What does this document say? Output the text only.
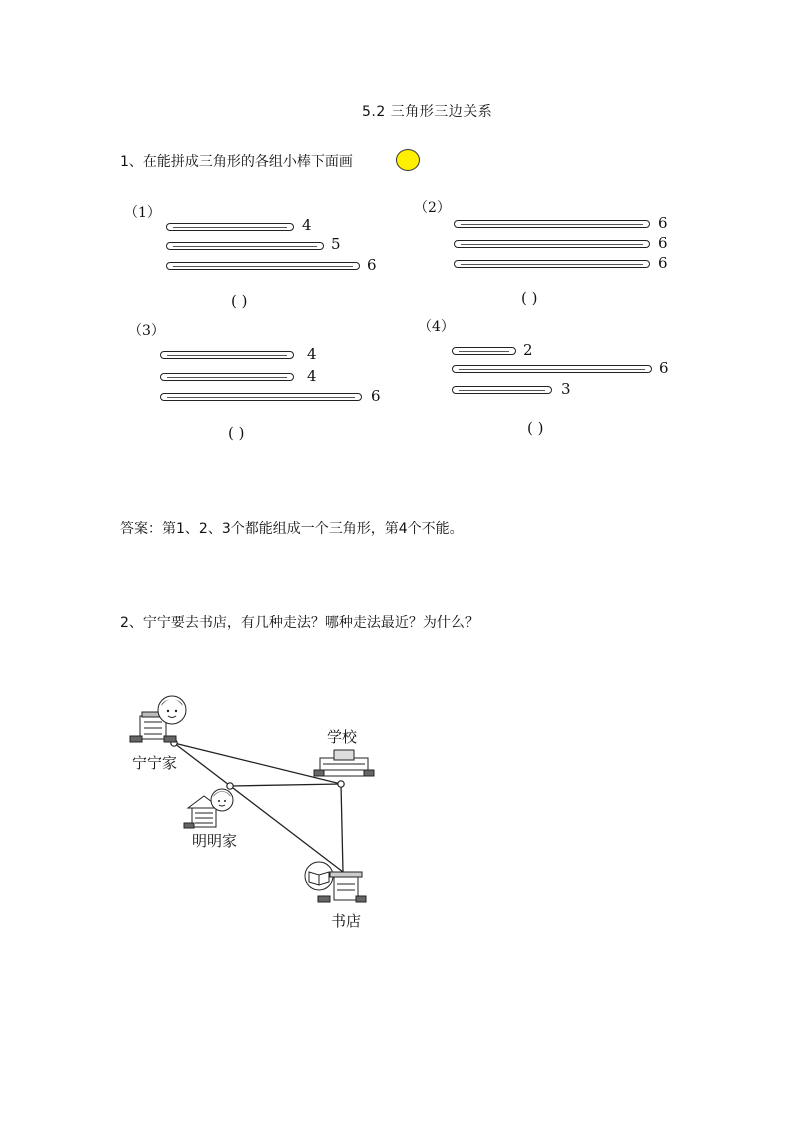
5.2 三角形三边关系
1、在能拼成三角形的各组小棒下面画
（1）
4
5
6
( )
（2）
6
6
6
( )
（3）
4
4
6
( )
（4）
2
6
3
( )
答案：第1、2、3个都能组成一个三角形，第4个不能。
2、宁宁要去书店，有几种走法？哪种走法最近？为什么？
宁宁家
学校
明明家
书店
